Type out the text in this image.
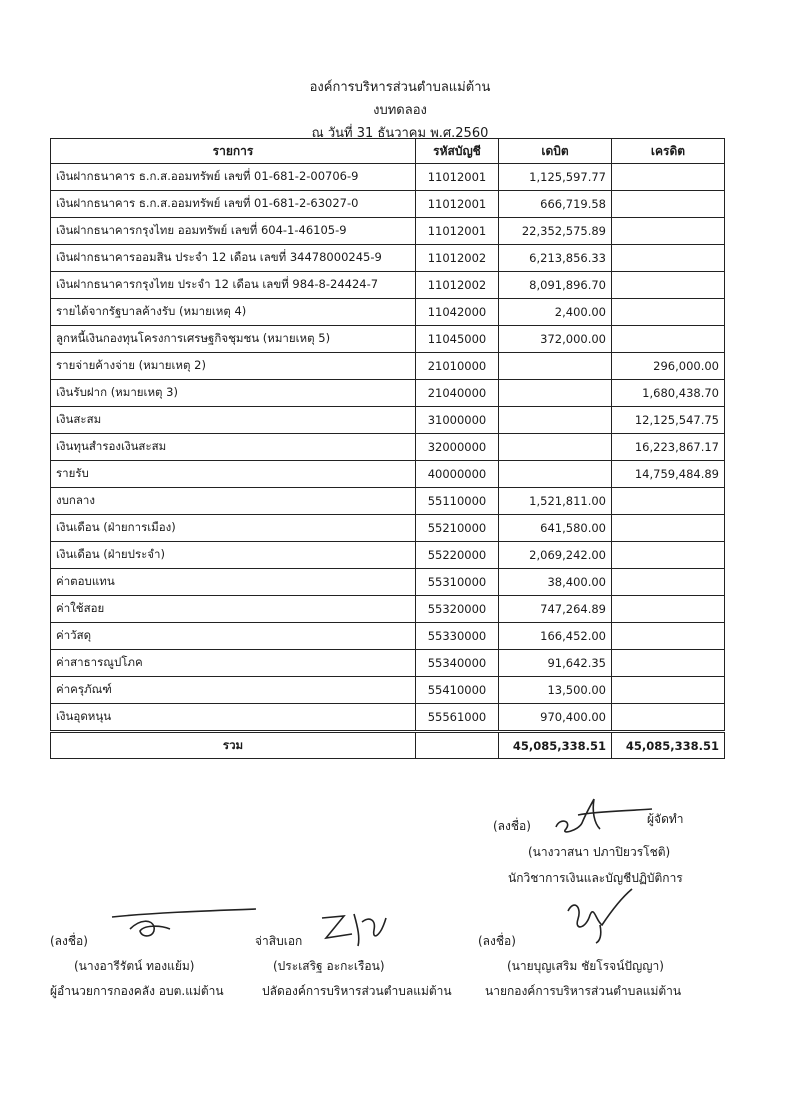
องค์การบริหารส่วนตำบลแม่ต้าน
งบทดลอง
ณ วันที่ 31 ธันวาคม พ.ศ.2560
รายการ	รหัสบัญชี	เดบิต	เครดิต
เงินฝากธนาคาร ธ.ก.ส.ออมทรัพย์ เลขที่ 01-681-2-00706-9	11012001	1,125,597.77	
เงินฝากธนาคาร ธ.ก.ส.ออมทรัพย์ เลขที่ 01-681-2-63027-0	11012001	666,719.58	
เงินฝากธนาคารกรุงไทย ออมทรัพย์ เลขที่ 604-1-46105-9	11012001	22,352,575.89	
เงินฝากธนาคารออมสิน ประจำ 12 เดือน เลขที่ 34478000245-9	11012002	6,213,856.33	
เงินฝากธนาคารกรุงไทย ประจำ 12 เดือน เลขที่ 984-8-24424-7	11012002	8,091,896.70	
รายได้จากรัฐบาลค้างรับ (หมายเหตุ 4)	11042000	2,400.00	
ลูกหนี้เงินกองทุนโครงการเศรษฐกิจชุมชน (หมายเหตุ 5)	11045000	372,000.00	
รายจ่ายค้างจ่าย (หมายเหตุ 2)	21010000		296,000.00
เงินรับฝาก (หมายเหตุ 3)	21040000		1,680,438.70
เงินสะสม	31000000		12,125,547.75
เงินทุนสำรองเงินสะสม	32000000		16,223,867.17
รายรับ	40000000		14,759,484.89
งบกลาง	55110000	1,521,811.00	
เงินเดือน (ฝ่ายการเมือง)	55210000	641,580.00	
เงินเดือน (ฝ่ายประจำ)	55220000	2,069,242.00	
ค่าตอบแทน	55310000	38,400.00	
ค่าใช้สอย	55320000	747,264.89	
ค่าวัสดุ	55330000	166,452.00	
ค่าสาธารณูปโภค	55340000	91,642.35	
ค่าครุภัณฑ์	55410000	13,500.00	
เงินอุดหนุน	55561000	970,400.00	
รวม		45,085,338.51	45,085,338.51
(ลงชื่อ)	ผู้จัดทำ
(นางวาสนา ปภาปิยวรโชติ)
นักวิชาการเงินและบัญชีปฏิบัติการ
(ลงชื่อ)
(นางอารีรัตน์ ทองแย้ม)
ผู้อำนวยการกองคลัง อบต.แม่ต้าน
จ่าสิบเอก
(ประเสริฐ อะกะเรือน)
ปลัดองค์การบริหารส่วนตำบลแม่ต้าน
(ลงชื่อ)
(นายบุญเสริม ชัยโรจน์ปัญญา)
นายกองค์การบริหารส่วนตำบลแม่ต้าน
